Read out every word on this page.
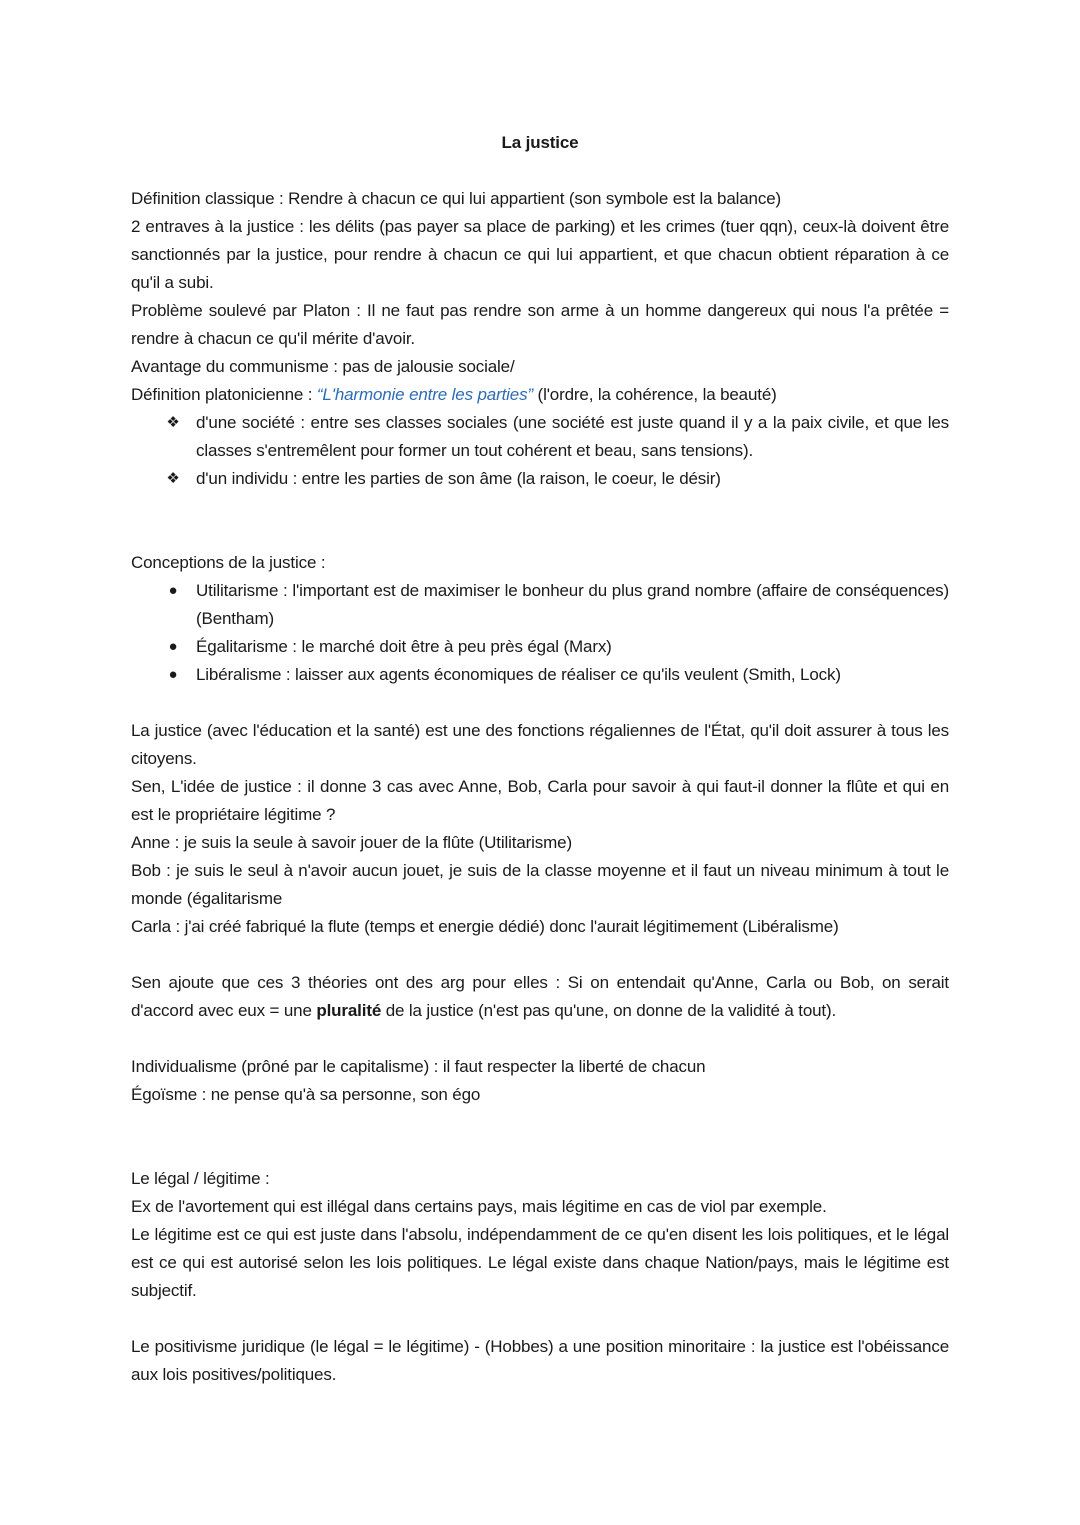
La justice

Définition classique : Rendre à chacun ce qui lui appartient (son symbole est la balance)

2 entraves à la justice : les délits (pas payer sa place de parking) et les crimes (tuer qqn), ceux-là doivent être sanctionnés par la justice, pour rendre à chacun ce qui lui appartient, et que chacun obtient réparation à ce qu'il a subi.

Problème soulevé par Platon : Il ne faut pas rendre son arme à un homme dangereux qui nous l'a prêtée = rendre à chacun ce qu'il mérite d'avoir.

Avantage du communisme : pas de jalousie sociale/

Définition platonicienne : “L'harmonie entre les parties” (l'ordre, la cohérence, la beauté)

❖ d'une société : entre ses classes sociales (une société est juste quand il y a la paix civile, et que les classes s'entremêlent pour former un tout cohérent et beau, sans tensions).
❖ d'un individu : entre les parties de son âme (la raison, le coeur, le désir)

Conceptions de la justice :

●	Utilitarisme : l'important est de maximiser le bonheur du plus grand nombre (affaire de conséquences) (Bentham)
●	Égalitarisme : le marché doit être à peu près égal (Marx)
●	Libéralisme : laisser aux agents économiques de réaliser ce qu'ils veulent (Smith, Lock)

La justice (avec l'éducation et la santé) est une des fonctions régaliennes de l'État, qu'il doit assurer à tous les citoyens.

Sen, L'idée de justice : il donne 3 cas avec Anne, Bob, Carla pour savoir à qui faut-il donner la flûte et qui en est le propriétaire légitime ?

Anne : je suis la seule à savoir jouer de la flûte (Utilitarisme)

Bob : je suis le seul à n'avoir aucun jouet, je suis de la classe moyenne et il faut un niveau minimum à tout le monde (égalitarisme

Carla : j'ai créé fabriqué la flute (temps et energie dédié) donc l'aurait légitimement (Libéralisme)

Sen ajoute que ces 3 théories ont des arg pour elles : Si on entendait qu'Anne, Carla ou Bob, on serait d'accord avec eux = une pluralité de la justice (n'est pas qu'une, on donne de la validité à tout).

Individualisme (prôné par le capitalisme) : il faut respecter la liberté de chacun

Égoïsme : ne pense qu'à sa personne, son égo

Le légal / légitime :

Ex de l'avortement qui est illégal dans certains pays, mais légitime en cas de viol par exemple.

Le légitime est ce qui est juste dans l'absolu, indépendamment de ce qu'en disent les lois politiques, et le légal est ce qui est autorisé selon les lois politiques. Le légal existe dans chaque Nation/pays, mais le légitime est subjectif.

Le positivisme juridique (le légal = le légitime) - (Hobbes) a une position minoritaire : la justice est l'obéissance aux lois positives/politiques.
